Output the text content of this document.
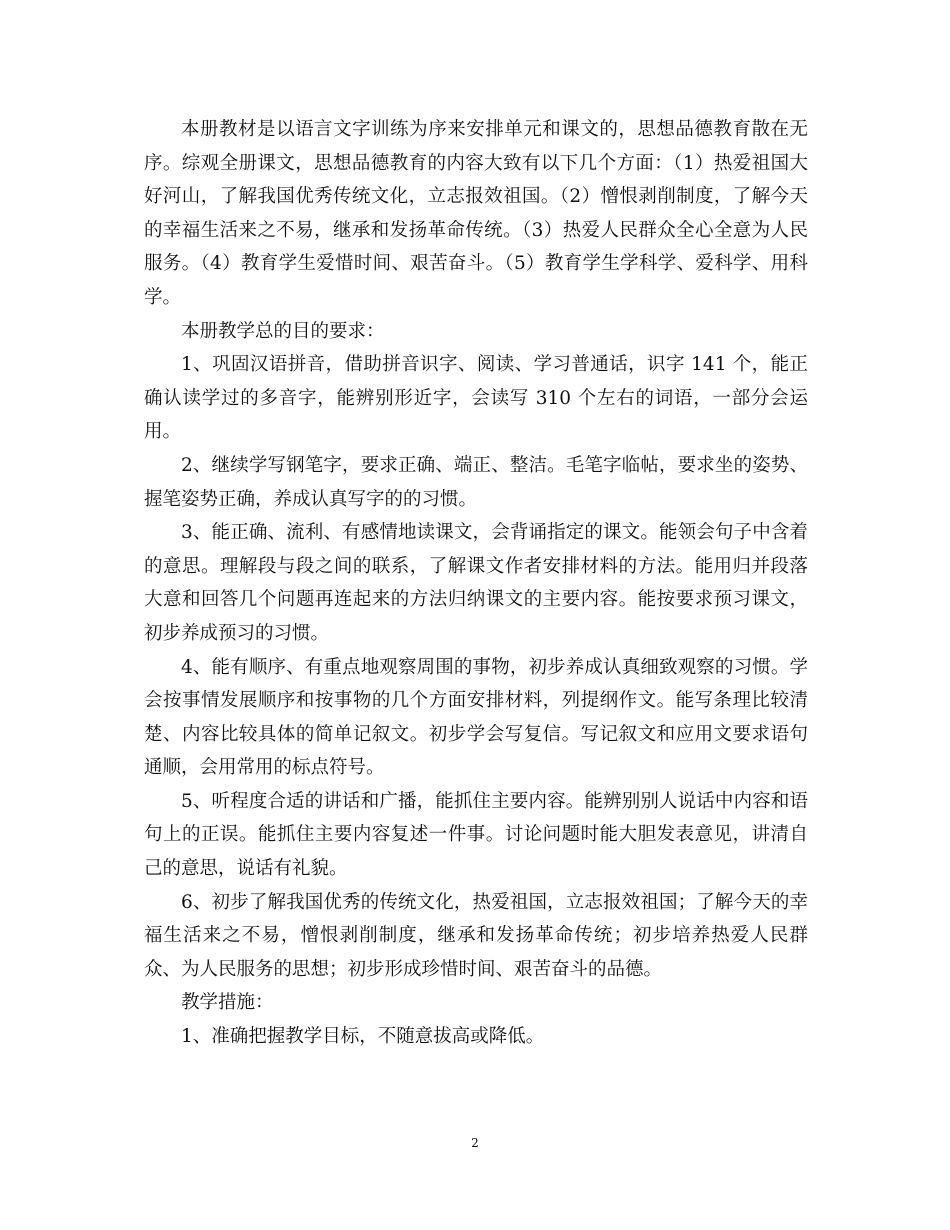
本册教材是以语言文字训练为序来安排单元和课文的，思想品德教育散在无序。综观全册课文，思想品德教育的内容大致有以下几个方面：（1）热爱祖国大好河山，了解我国优秀传统文化，立志报效祖国。（2）憎恨剥削制度，了解今天的幸福生活来之不易，继承和发扬革命传统。（3）热爱人民群众全心全意为人民服务。（4）教育学生爱惜时间、艰苦奋斗。（5）教育学生学科学、爱科学、用科学。

本册教学总的目的要求：

1、巩固汉语拼音，借助拼音识字、阅读、学习普通话，识字 141 个，能正确认读学过的多音字，能辨别形近字，会读写 310 个左右的词语，一部分会运用。

2、继续学写钢笔字，要求正确、端正、整洁。毛笔字临帖，要求坐的姿势、握笔姿势正确，养成认真写字的的习惯。

3、能正确、流利、有感情地读课文，会背诵指定的课文。能领会句子中含着的意思。理解段与段之间的联系，了解课文作者安排材料的方法。能用归并段落大意和回答几个问题再连起来的方法归纳课文的主要内容。能按要求预习课文，初步养成预习的习惯。

4、能有顺序、有重点地观察周围的事物，初步养成认真细致观察的习惯。学会按事情发展顺序和按事物的几个方面安排材料，列提纲作文。能写条理比较清楚、内容比较具体的简单记叙文。初步学会写复信。写记叙文和应用文要求语句通顺，会用常用的标点符号。

5、听程度合适的讲话和广播，能抓住主要内容。能辨别别人说话中内容和语句上的正误。能抓住主要内容复述一件事。讨论问题时能大胆发表意见，讲清自己的意思，说话有礼貌。

6、初步了解我国优秀的传统文化，热爱祖国，立志报效祖国；了解今天的幸福生活来之不易，憎恨剥削制度，继承和发扬革命传统；初步培养热爱人民群众、为人民服务的思想；初步形成珍惜时间、艰苦奋斗的品德。

教学措施：

1、准确把握教学目标，不随意拔高或降低。

2
